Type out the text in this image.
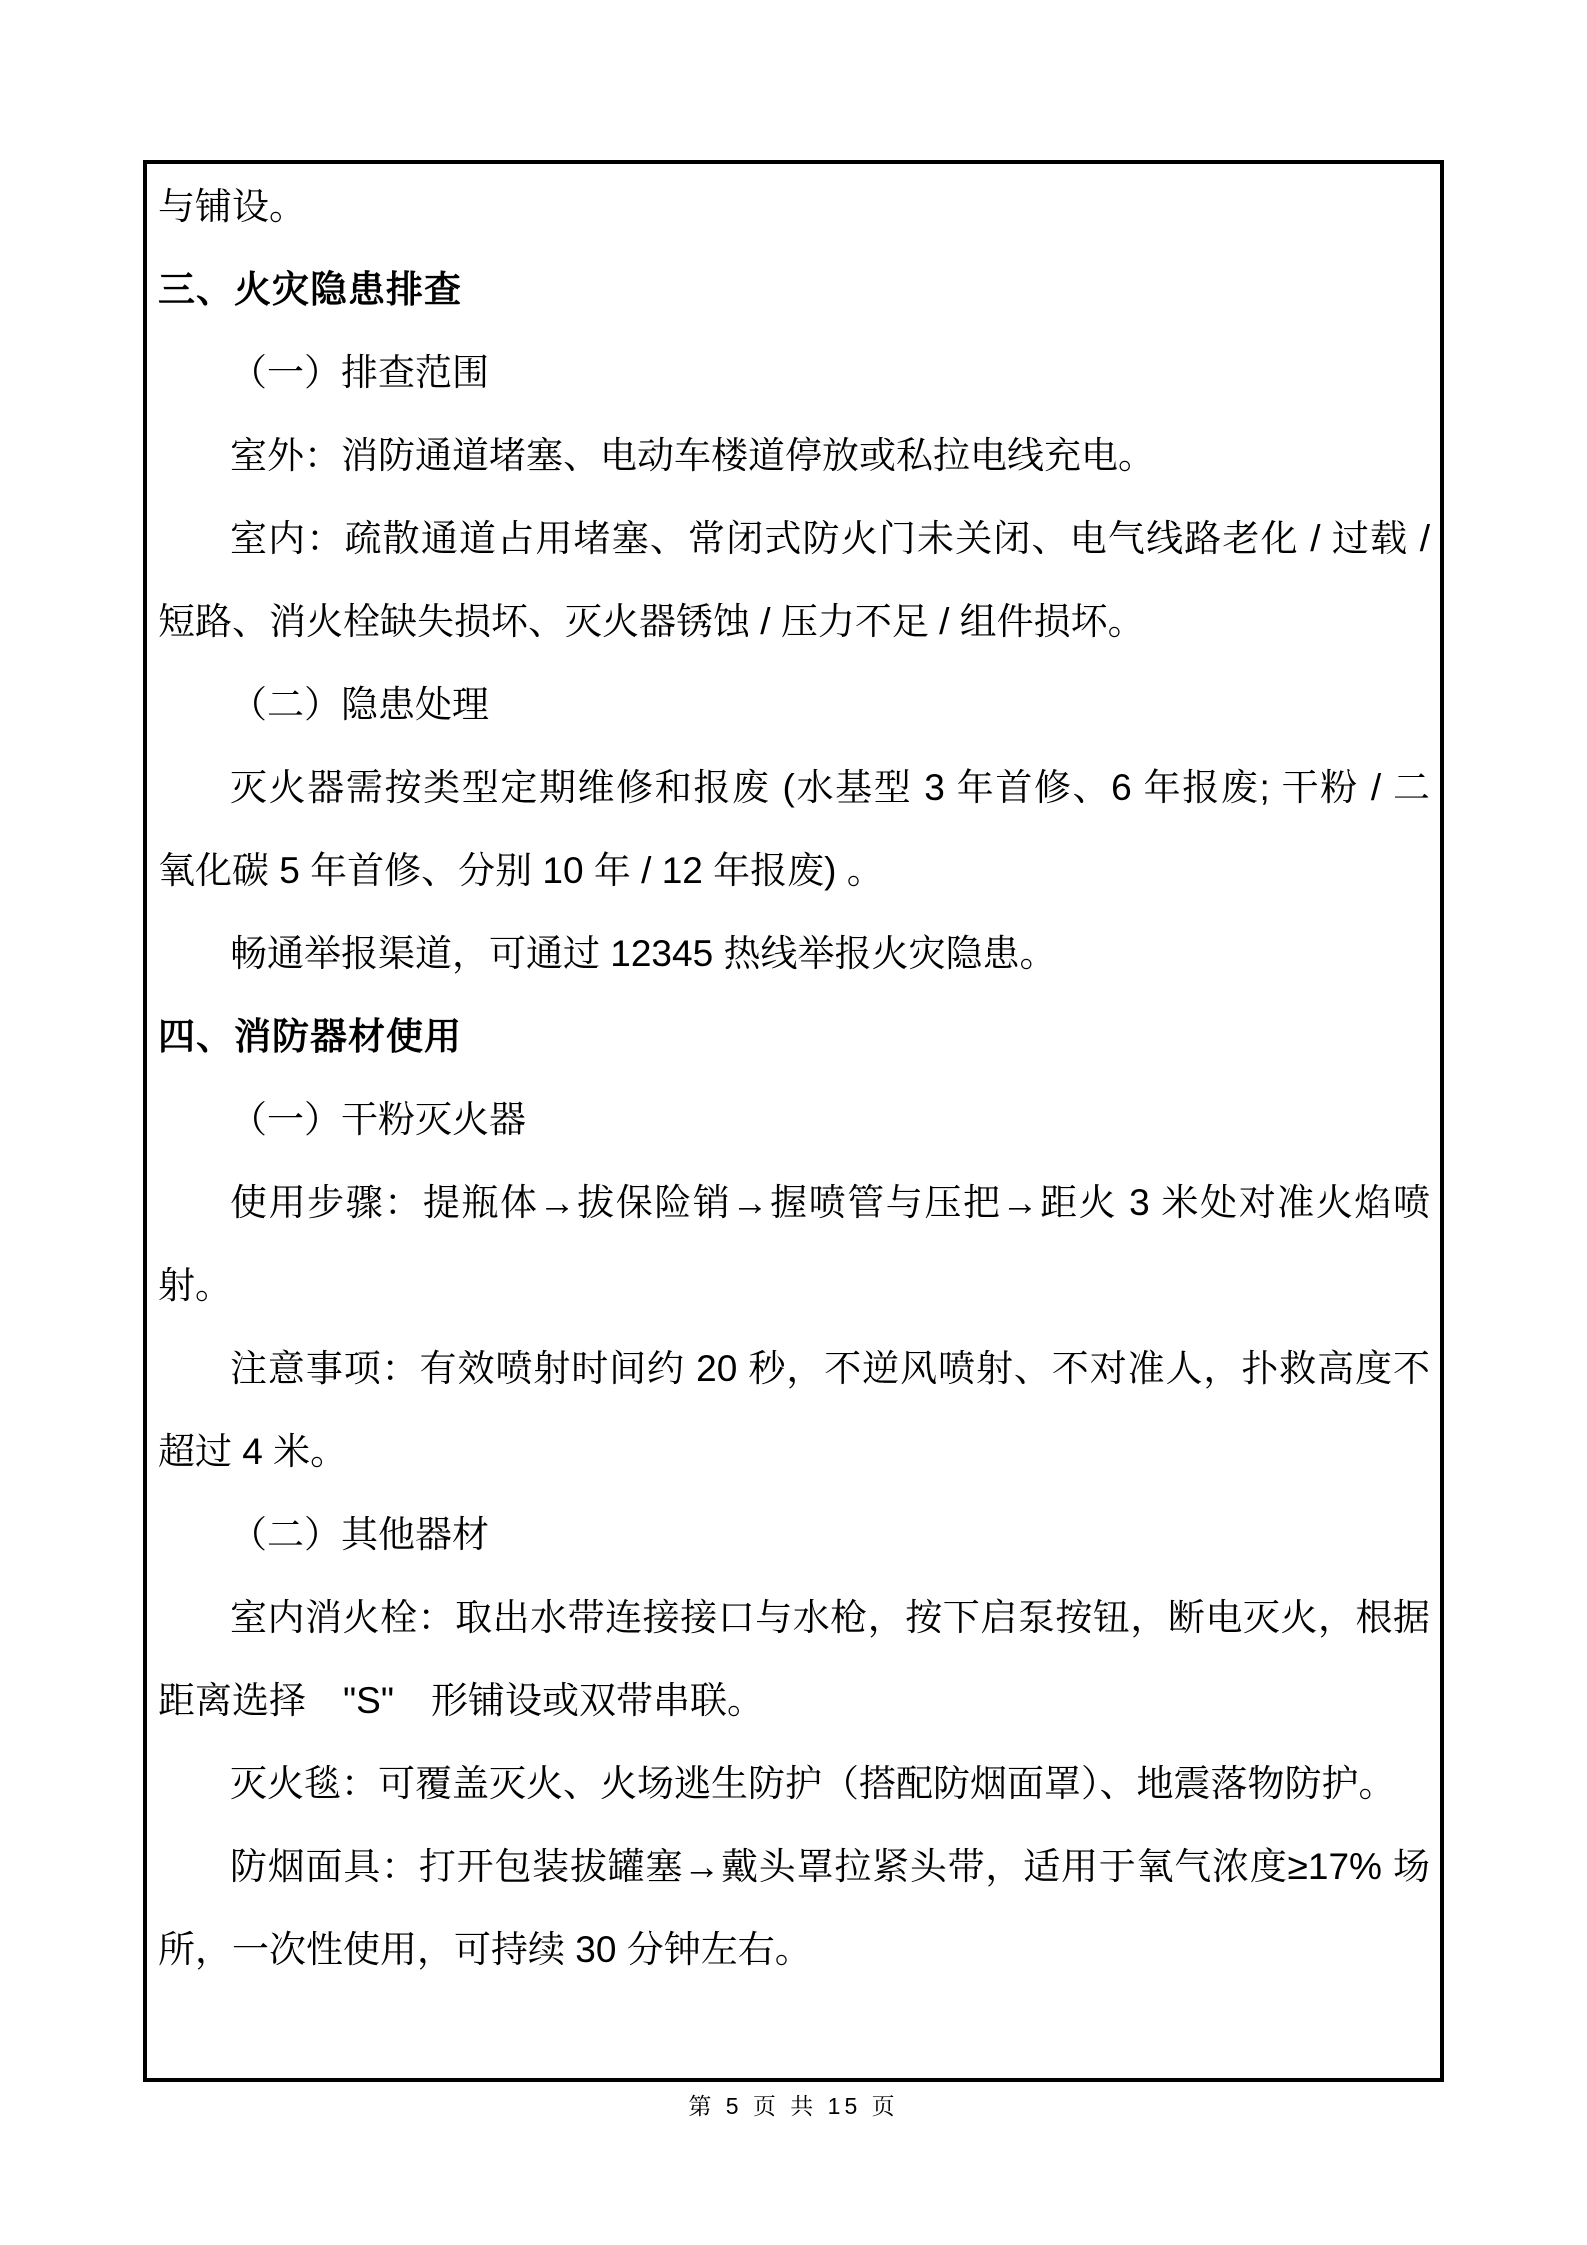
与铺设。
三、火灾隐患排查
（一）排查范围
室外：消防通道堵塞、电动车楼道停放或私拉电线充电。
室内：疏散通道占用堵塞、常闭式防火门未关闭、电气线路老化 / 过载 /
短路、消火栓缺失损坏、灭火器锈蚀 / 压力不足 / 组件损坏。
（二）隐患处理
灭火器需按类型定期维修和报废 (水基型 3 年首修、6 年报废; 干粉 / 二
氧化碳 5 年首修、分别 10 年 / 12 年报废) 。
畅通举报渠道，可通过 12345 热线举报火灾隐患。
四、消防器材使用
（一）干粉灭火器
使用步骤：提瓶体→拔保险销→握喷管与压把→距火 3 米处对准火焰喷
射。
注意事项：有效喷射时间约 20 秒，不逆风喷射、不对准人，扑救高度不
超过 4 米。
（二）其他器材
室内消火栓：取出水带连接接口与水枪，按下启泵按钮，断电灭火，根据
距离选择　"S"　形铺设或双带串联。
灭火毯：可覆盖灭火、火场逃生防护（搭配防烟面罩）、地震落物防护。
防烟面具：打开包装拔罐塞→戴头罩拉紧头带，适用于氧气浓度≥17% 场
所，一次性使用，可持续 30 分钟左右。
第 5 页 共 15 页
